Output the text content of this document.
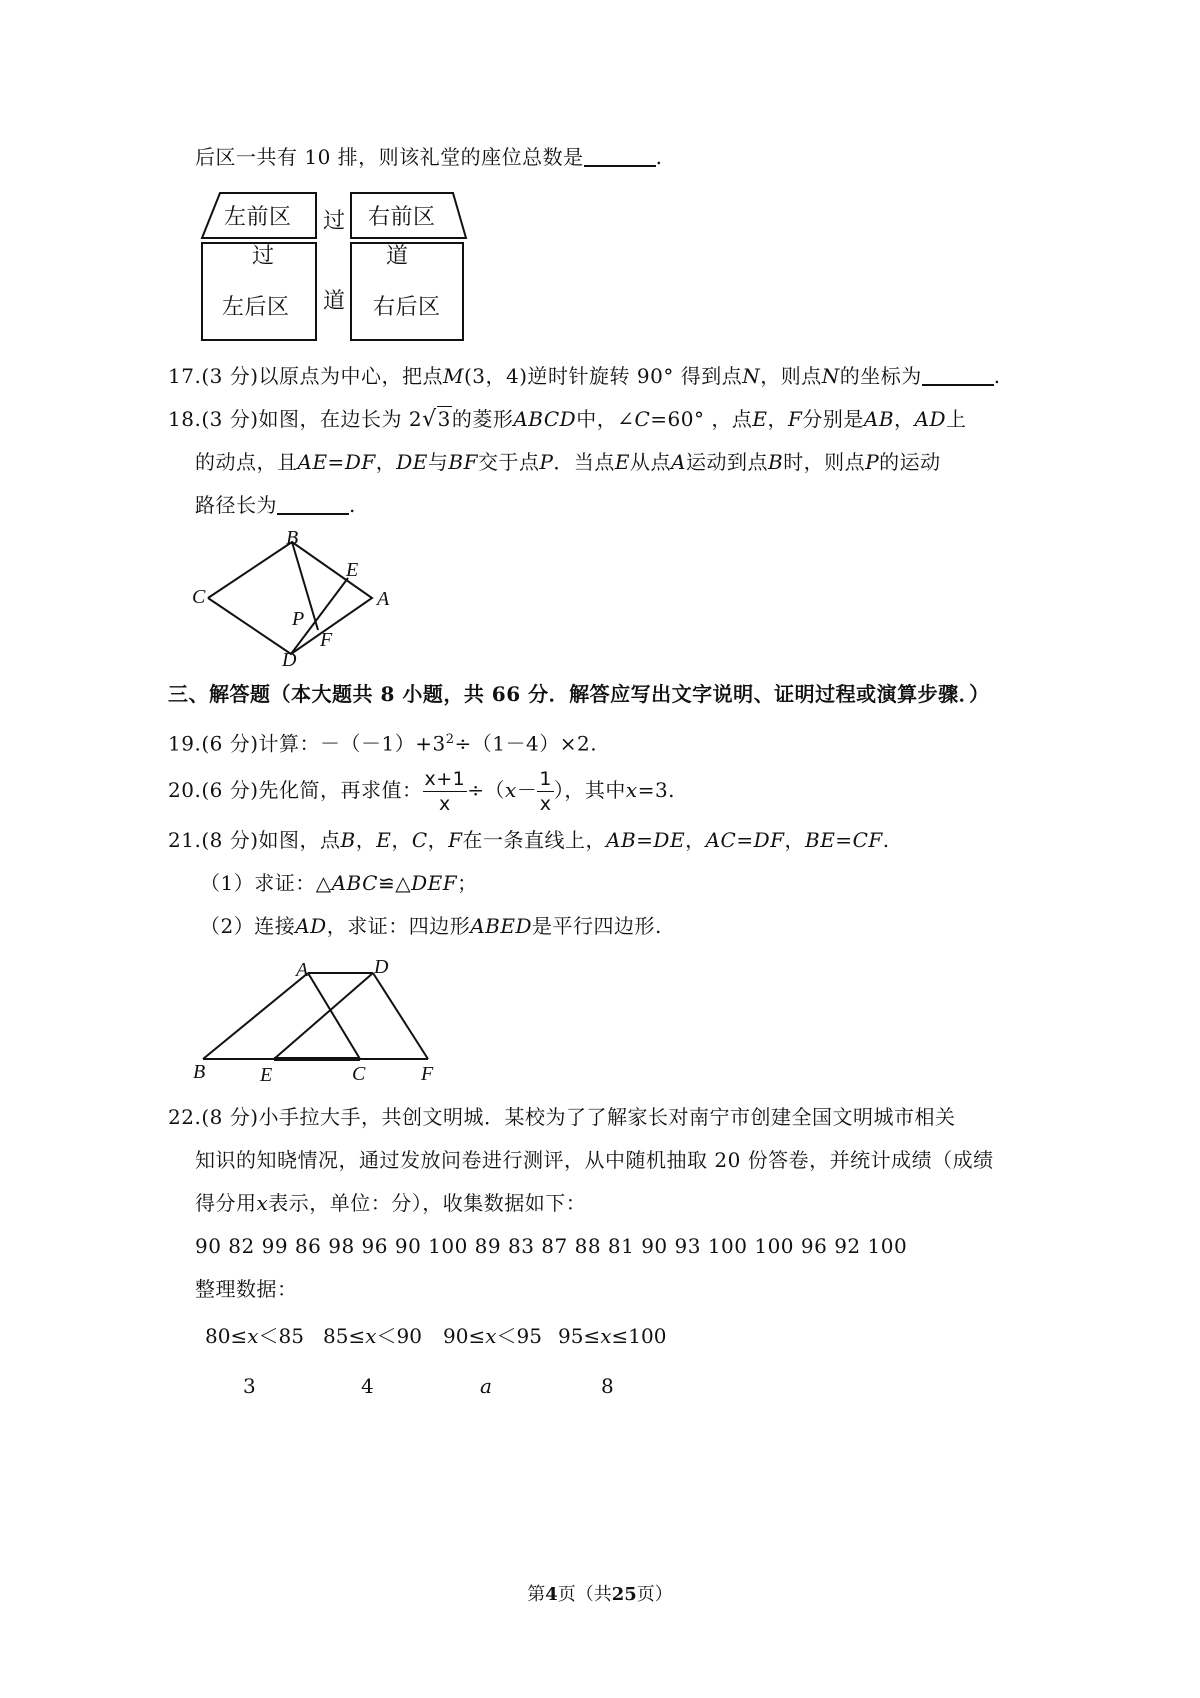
后区一共有 10 排，则该礼堂的座位总数是	.
左前区	右前区
过
过	道
道
左后区	右后区
17.(3 分)以原点为中心，把点M(3，4)逆时针旋转 90° 得到点N，则点N的坐标为	.
18.(3 分)如图，在边长为 2√3的菱形ABCD中，∠C=60° ，点E，F分别是AB，AD上
的动点，且AE=DF，DE与BF交于点P．当点E从点A运动到点B时，则点P的运动
路径长为	.
B
E
C	A
P
F
D
三、解答题（本大题共 8 小题，共 66 分．解答应写出文字说明、证明过程或演算步骤．）
19.(6 分)计算：$-(-1)+3^2\div(1-4)\times 2$.
20.(6 分)先化简，再求值： $\frac{x+1}{x} \div(x- \frac{1}{x}$ ），其中x=3.
21.(8 分)如图，点B，E，C，F在一条直线上，AB=DE，AC=DF，BE=CF.
（1）求证：△ABC≌△DEF；
（2）连接AD，求证：四边形ABED是平行四边形.
A	D
B	E	C	F
22.(8 分)小手拉大手，共创文明城．某校为了了解家长对南宁市创建全国文明城市相关
知识的知晓情况，通过发放问卷进行测评，从中随机抽取 20 份答卷，并统计成绩（成绩
得分用x表示，单位：分），收集数据如下：
90 82 99 86 98 96 90 100 89 83 87 88 81 90 93 100 100 96 92 100
整理数据：
80≤x＜85 85≤x＜90 90≤x＜95 95≤x≤100
3	4	a	8
第4页（共25页）
